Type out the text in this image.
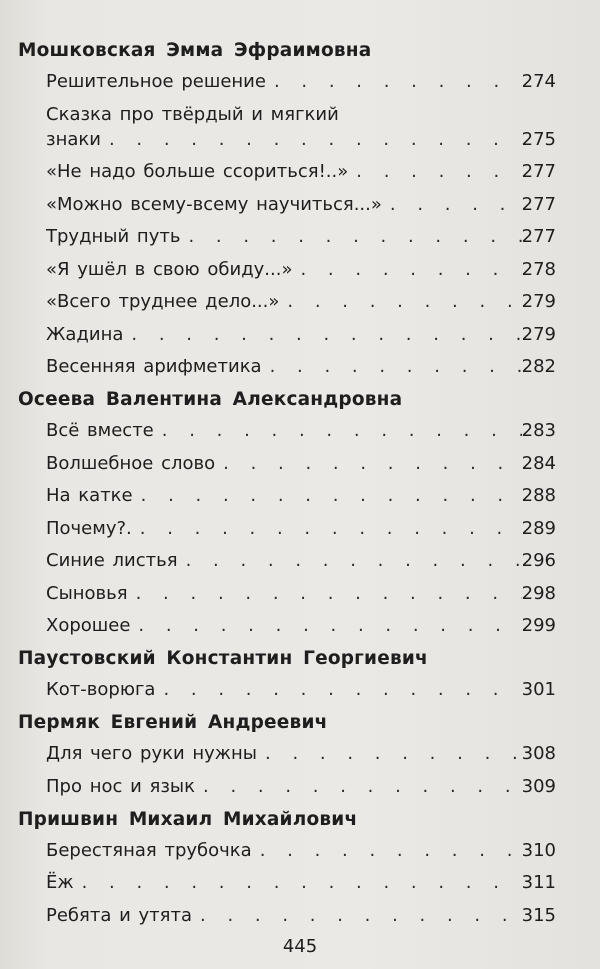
Мошковская Эмма Эфраимовна
Решительное решение . . .	274
Сказка про твёрдый и мягкий
знаки . . .	275
«Не надо больше ссориться!..» . . .	277
«Можно всему-всему научиться...» . . .	277
Трудный путь . . .	277
«Я ушёл в свою обиду...» . . .	278
«Всего труднее дело...» . . .	279
Жадина . . .	279
Весенняя арифметика . . .	282
Осеева Валентина Александровна
Всё вместе . . .	283
Волшебное слово . . .	284
На катке . . .	288
Почему?. . . .	289
Синие листья . . .	296
Сыновья . . .	298
Хорошее . . .	299
Паустовский Константин Георгиевич
Кот-ворюга . . .	301
Пермяк Евгений Андреевич
Для чего руки нужны . . .	308
Про нос и язык . . .	309
Пришвин Михаил Михайлович
Берестяная трубочка . . .	310
Ёж . . .	311
Ребята и утята . . .	315
445
